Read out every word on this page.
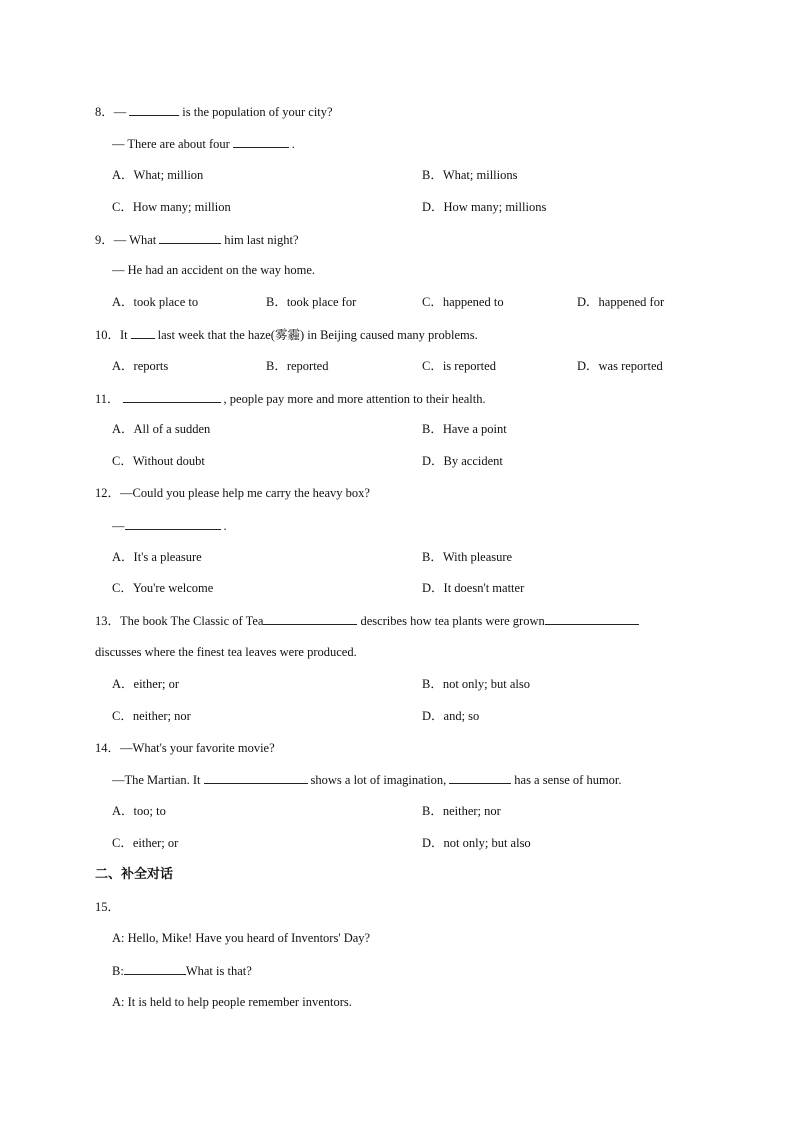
8．—	is the population of your city?
— There are about four	.
A．What; million	B．What; millions
C．How many; million	D．How many; millions
9．— What	him last night?
— He had an accident on the way home.
A．took place to	B．took place for	C．happened to	D．happened for
10．It last week that the haze(雾霾) in Beijing caused many problems.
A．reports	B．reported	C．is reported	D．was reported
11．	, people pay more and more attention to their health.
A．All of a sudden	B．Have a point
C．Without doubt	D．By accident
12．—Could you please help me carry the heavy box?
—	.
A．It's a pleasure	B．With pleasure
C．You're welcome	D．It doesn't matter
13．The book The Classic of Tea	describes how tea plants were grown
discusses where the finest tea leaves were produced.
A．either; or	B．not only; but also
C．neither; nor	D．and; so
14．—What's your favorite movie?
—The Martian. It	shows a lot of imagination,	has a sense of humor.
A．too; to	B．neither; nor
C．either; or	D．not only; but also
二、补全对话
15．
A: Hello, Mike! Have you heard of Inventors' Day?
B:	What is that?
A: It is held to help people remember inventors.
